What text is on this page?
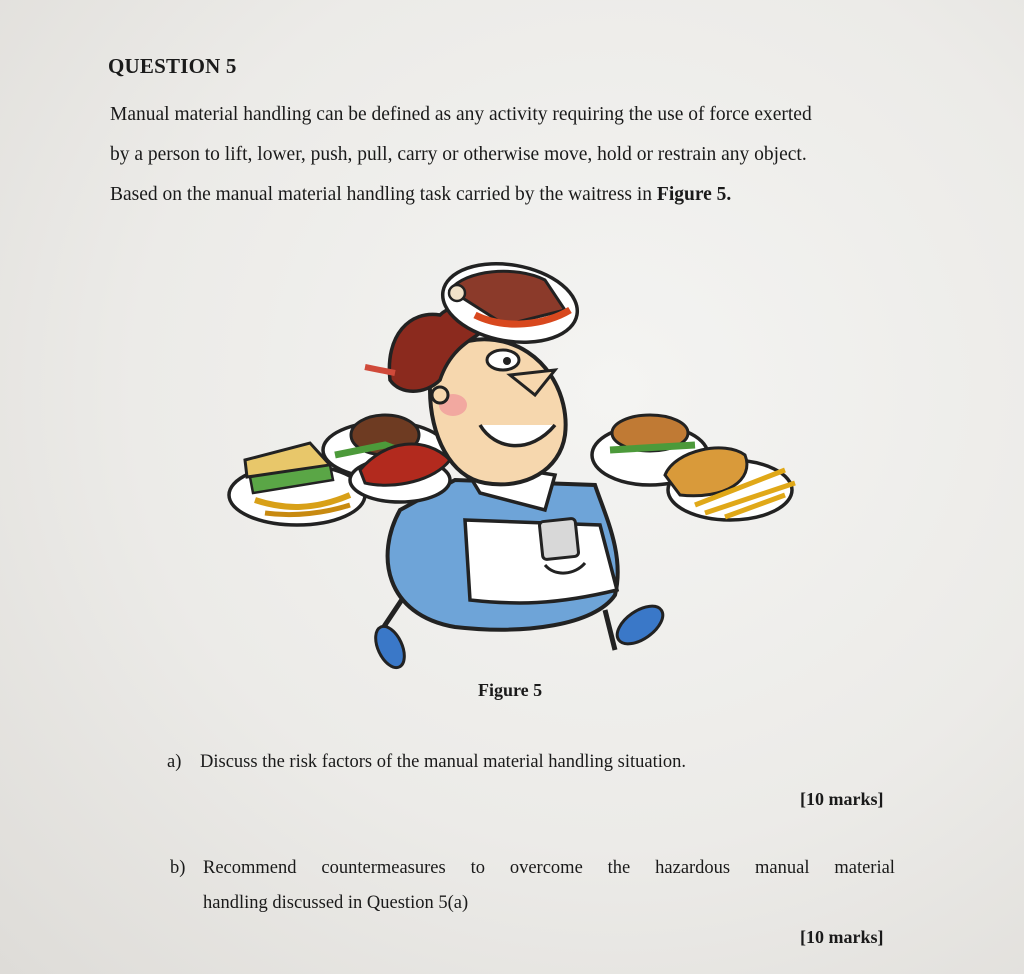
QUESTION 5
Manual material handling can be defined as any activity requiring the use of force exerted
by a person to lift, lower, push, pull, carry or otherwise move, hold or restrain any object.
Based on the manual material handling task carried by the waitress in Figure 5.
Figure 5
a) Discuss the risk factors of the manual material handling situation.
[10 marks]
b) Recommend countermeasures to overcome the hazardous manual material
handling discussed in Question 5(a)
[10 marks]
